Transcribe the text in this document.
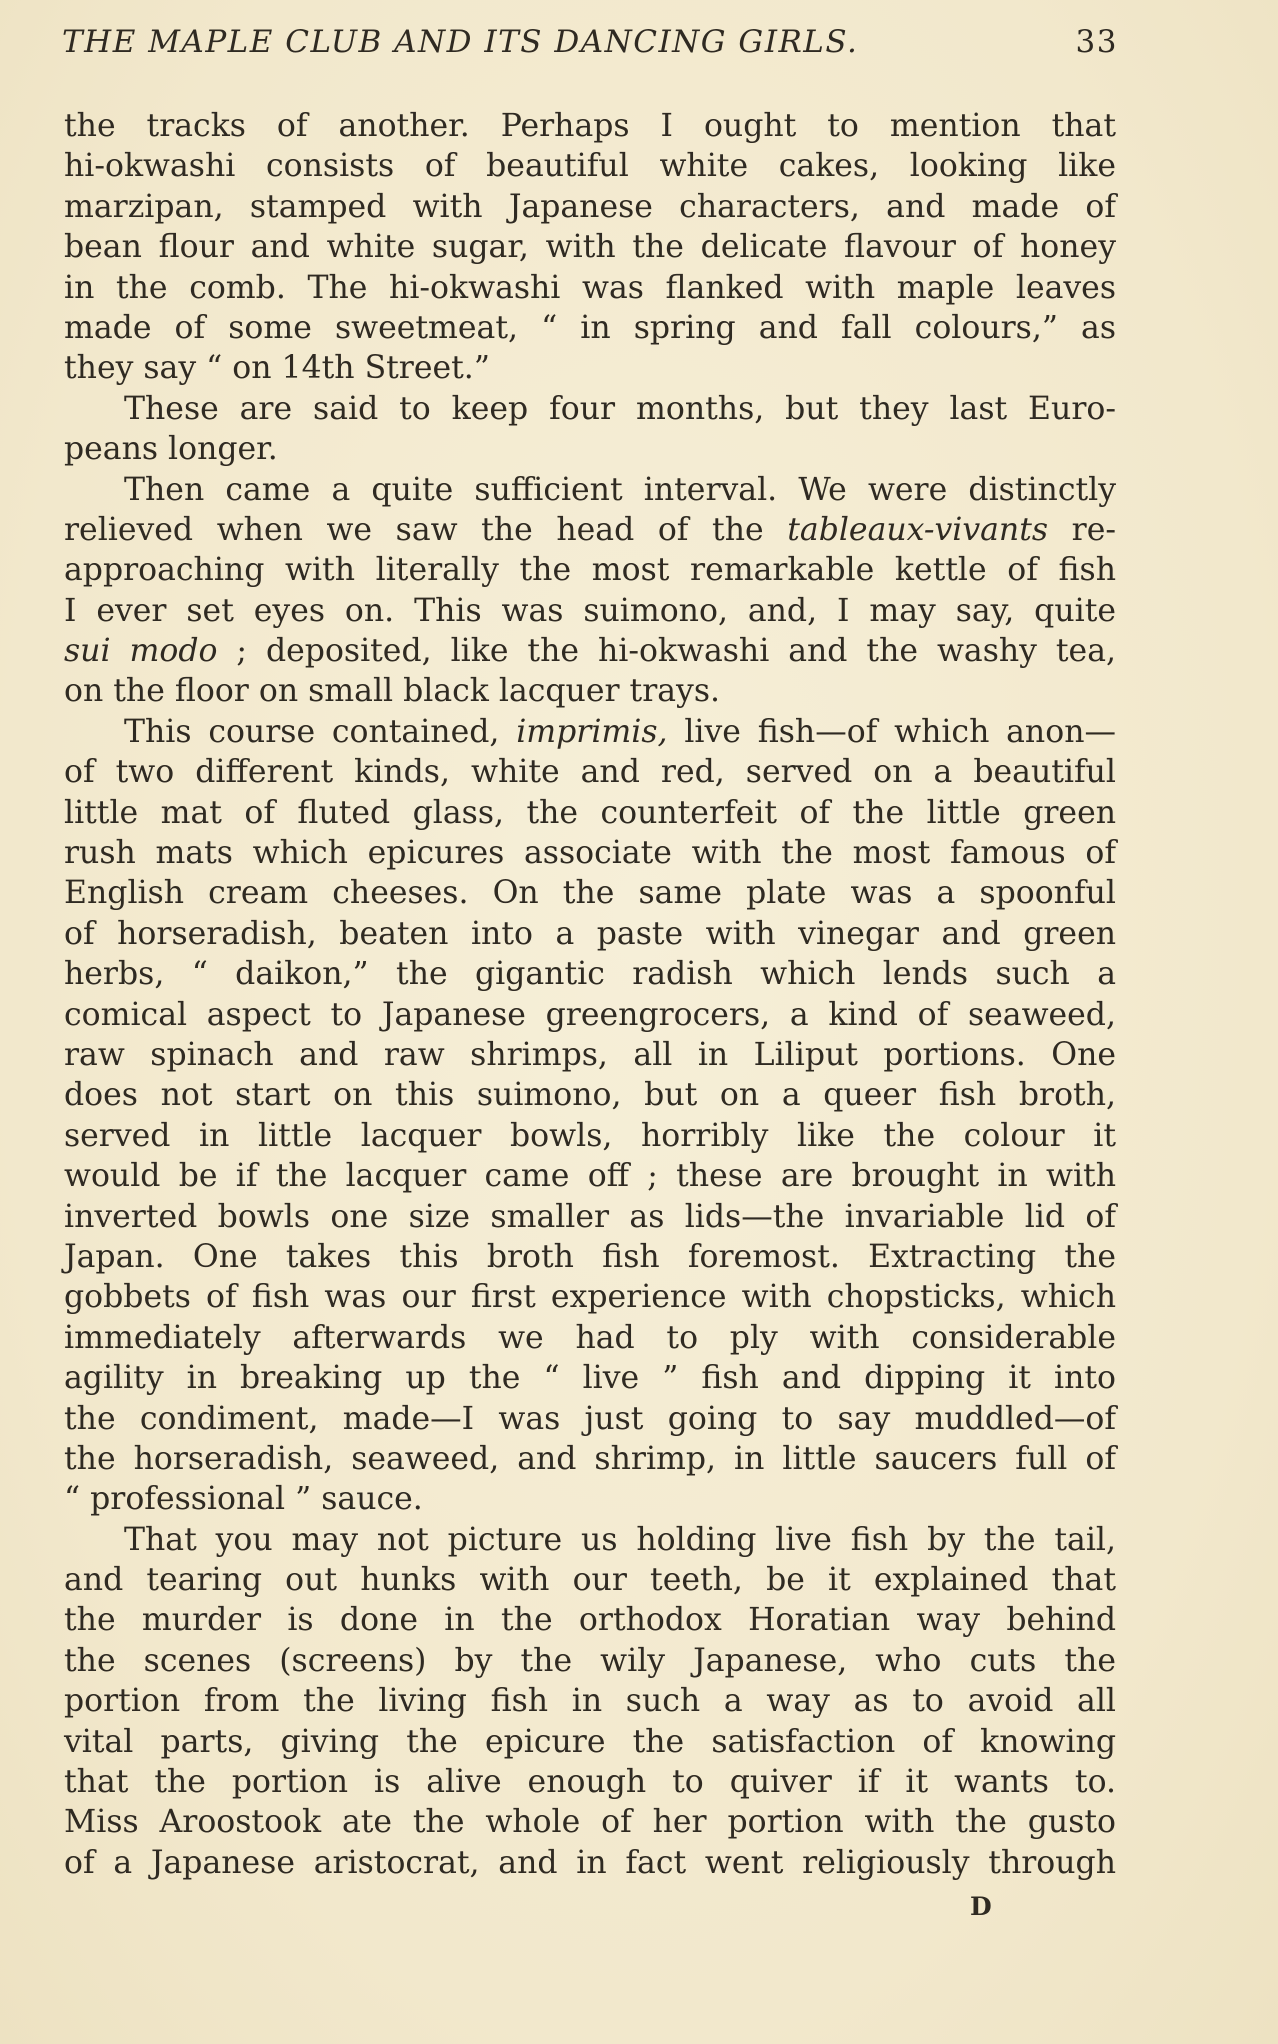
THE MAPLE CLUB AND ITS DANCING GIRLS.	33
the tracks of another. Perhaps I ought to mention that
hi-okwashi consists of beautiful white cakes, looking like
marzipan, stamped with Japanese characters, and made of
bean flour and white sugar, with the delicate flavour of honey
in the comb. The hi-okwashi was flanked with maple leaves
made of some sweetmeat, “ in spring and fall colours,” as
they say “ on 14th Street.”
These are said to keep four months, but they last Euro-
peans longer.
Then came a quite sufficient interval. We were distinctly
relieved when we saw the head of the tableaux-vivants re-
approaching with literally the most remarkable kettle of fish
I ever set eyes on. This was suimono, and, I may say, quite
sui modo ; deposited, like the hi-okwashi and the washy tea,
on the floor on small black lacquer trays.
This course contained, imprimis, live fish—of which anon—
of two different kinds, white and red, served on a beautiful
little mat of fluted glass, the counterfeit of the little green
rush mats which epicures associate with the most famous of
English cream cheeses. On the same plate was a spoonful
of horseradish, beaten into a paste with vinegar and green
herbs, “ daikon,” the gigantic radish which lends such a
comical aspect to Japanese greengrocers, a kind of seaweed,
raw spinach and raw shrimps, all in Liliput portions. One
does not start on this suimono, but on a queer fish broth,
served in little lacquer bowls, horribly like the colour it
would be if the lacquer came off ; these are brought in with
inverted bowls one size smaller as lids—the invariable lid of
Japan. One takes this broth fish foremost. Extracting the
gobbets of fish was our first experience with chopsticks, which
immediately afterwards we had to ply with considerable
agility in breaking up the “ live ” fish and dipping it into
the condiment, made—I was just going to say muddled—of
the horseradish, seaweed, and shrimp, in little saucers full of
“ professional ” sauce.
That you may not picture us holding live fish by the tail,
and tearing out hunks with our teeth, be it explained that
the murder is done in the orthodox Horatian way behind
the scenes (screens) by the wily Japanese, who cuts the
portion from the living fish in such a way as to avoid all
vital parts, giving the epicure the satisfaction of knowing
that the portion is alive enough to quiver if it wants to.
Miss Aroostook ate the whole of her portion with the gusto
of a Japanese aristocrat, and in fact went religiously through
D
